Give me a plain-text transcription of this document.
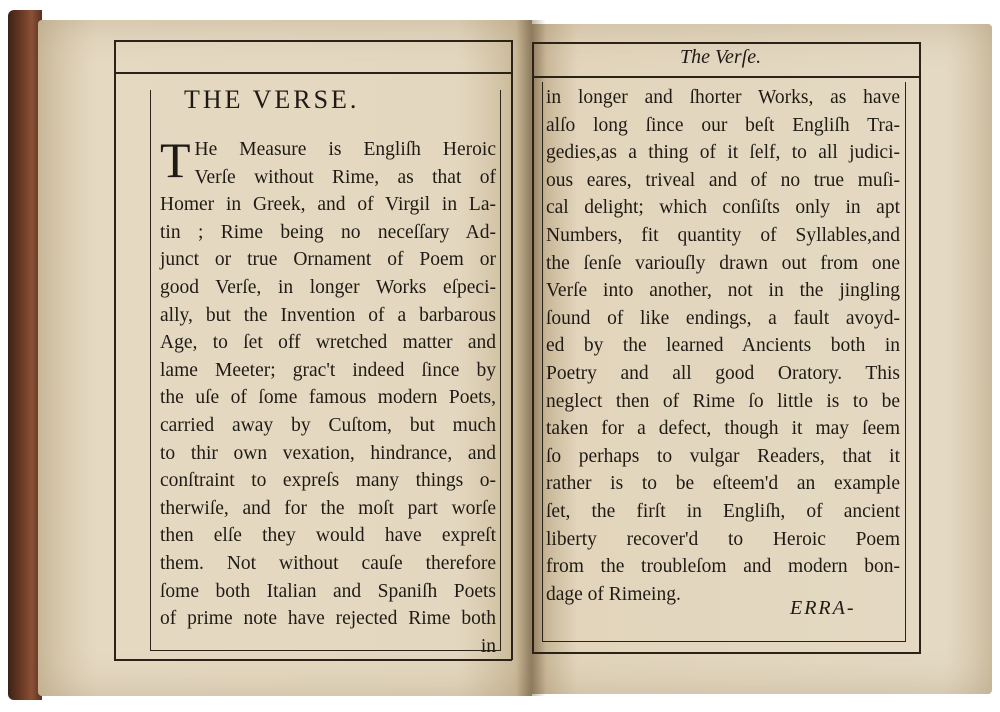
THE VERSE.
T He Measure is Engliſh Heroic
Verſe without Rime, as that of
Homer in Greek, and of Virgil in La-
tin ; Rime being no neceſſary Ad-
junct or true Ornament of Poem or
good Verſe, in longer Works eſpeci-
ally, but the Invention of a barbarous
Age, to ſet off wretched matter and
lame Meeter; grac't indeed ſince by
the uſe of ſome famous modern Poets,
carried away by Cuſtom, but much
to thir own vexation, hindrance, and
conſtraint to expreſs many things o-
therwiſe, and for the moſt part worſe
then elſe they would have expreſt
them. Not without cauſe therefore
ſome both Italian and Spaniſh Poets
of prime note have rejected Rime both
in
The Verſe.
in longer and ſhorter Works, as have
alſo long ſince our beſt Engliſh Tra-
gedies,as a thing of it ſelf, to all judici-
ous eares, triveal and of no true muſi-
cal delight; which conſiſts only in apt
Numbers, fit quantity of Syllables,and
the ſenſe variouſly drawn out from one
Verſe into another, not in the jingling
ſound of like endings, a fault avoyd-
ed by the learned Ancients both in
Poetry and all good Oratory. This
neglect then of Rime ſo little is to be
taken for a defect, though it may ſeem
ſo perhaps to vulgar Readers, that it
rather is to be eſteem'd an example
ſet, the firſt in Engliſh, of ancient
liberty recover'd to Heroic Poem
from the troubleſom and modern bon-
dage of Rimeing.
ERRA-
